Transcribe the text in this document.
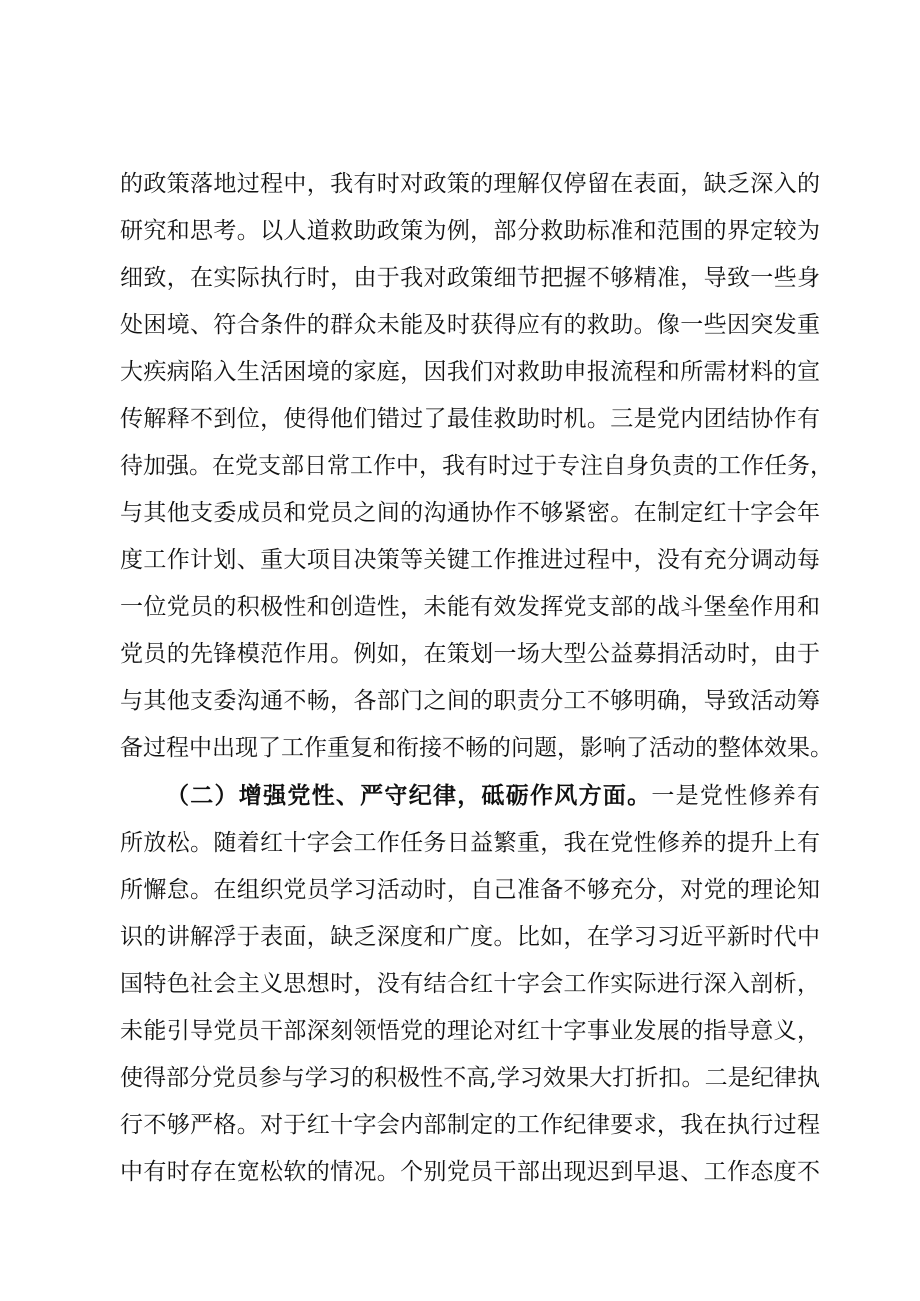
的政策落地过程中，我有时对政策的理解仅停留在表面，缺乏深入的
研究和思考。以人道救助政策为例，部分救助标准和范围的界定较为
细致，在实际执行时，由于我对政策细节把握不够精准，导致一些身
处困境、符合条件的群众未能及时获得应有的救助。像一些因突发重
大疾病陷入生活困境的家庭，因我们对救助申报流程和所需材料的宣
传解释不到位，使得他们错过了最佳救助时机。三是党内团结协作有
待加强。在党支部日常工作中，我有时过于专注自身负责的工作任务，
与其他支委成员和党员之间的沟通协作不够紧密。在制定红十字会年
度工作计划、重大项目决策等关键工作推进过程中，没有充分调动每
一位党员的积极性和创造性，未能有效发挥党支部的战斗堡垒作用和
党员的先锋模范作用。例如，在策划一场大型公益募捐活动时，由于
与其他支委沟通不畅，各部门之间的职责分工不够明确，导致活动筹
备过程中出现了工作重复和衔接不畅的问题，影响了活动的整体效果。
（二）增强党性、严守纪律，砥砺作风方面。一是党性修养有
所放松。随着红十字会工作任务日益繁重，我在党性修养的提升上有
所懈怠。在组织党员学习活动时，自己准备不够充分，对党的理论知
识的讲解浮于表面，缺乏深度和广度。比如，在学习习近平新时代中
国特色社会主义思想时，没有结合红十字会工作实际进行深入剖析，
未能引导党员干部深刻领悟党的理论对红十字事业发展的指导意义，
使得部分党员参与学习的积极性不高,学习效果大打折扣。二是纪律执
行不够严格。对于红十字会内部制定的工作纪律要求，我在执行过程
中有时存在宽松软的情况。个别党员干部出现迟到早退、工作态度不
